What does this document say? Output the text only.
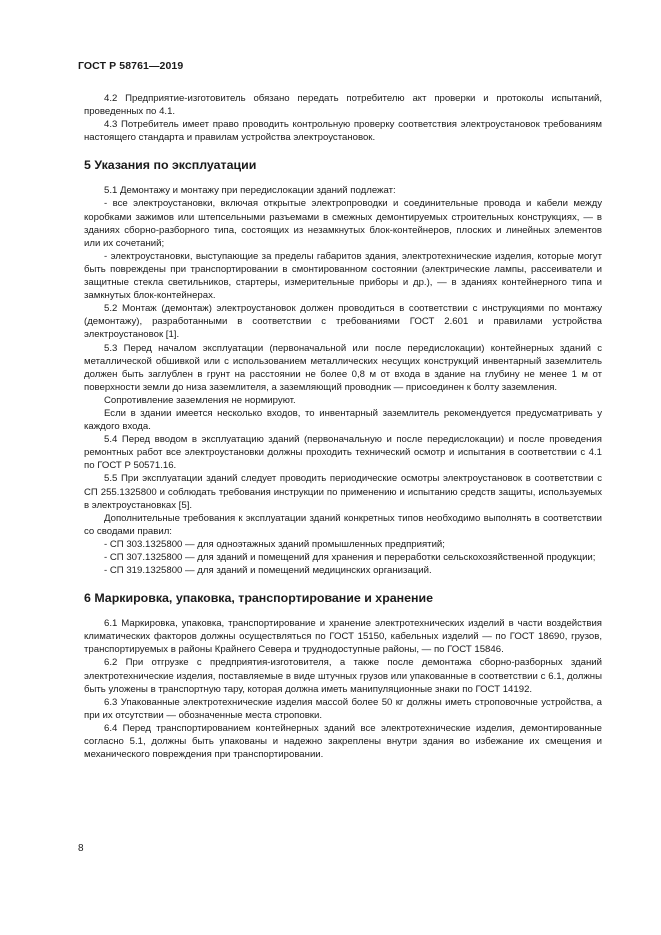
ГОСТ Р 58761—2019

4.2 Предприятие-изготовитель обязано передать потребителю акт проверки и протоколы испытаний, проведенных по 4.1.

4.3 Потребитель имеет право проводить контрольную проверку соответствия электроустановок требованиям настоящего стандарта и правилам устройства электроустановок.

5 Указания по эксплуатации

5.1 Демонтажу и монтажу при передислокации зданий подлежат:

- все электроустановки, включая открытые электропроводки и соединительные провода и кабели между коробками зажимов или штепсельными разъемами в смежных демонтируемых строительных конструкциях, — в зданиях сборно-разборного типа, состоящих из незамкнутых блок-контейнеров, плоских и линейных элементов или их сочетаний;

- электроустановки, выступающие за пределы габаритов здания, электротехнические изделия, которые могут быть повреждены при транспортировании в смонтированном состоянии (электрические лампы, рассеиватели и защитные стекла светильников, стартеры, измерительные приборы и др.), — в зданиях контейнерного типа и замкнутых блок-контейнерах.

5.2 Монтаж (демонтаж) электроустановок должен проводиться в соответствии с инструкциями по монтажу (демонтажу), разработанными в соответствии с требованиями ГОСТ 2.601 и правилами устройства электроустановок [1].

5.3 Перед началом эксплуатации (первоначальной или после передислокации) контейнерных зданий с металлической обшивкой или с использованием металлических несущих конструкций инвентарный заземлитель должен быть заглублен в грунт на расстоянии не более 0,8 м от входа в здание на глубину не менее 1 м от поверхности земли до низа заземлителя, а заземляющий проводник — присоединен к болту заземления.

Сопротивление заземления не нормируют.

Если в здании имеется несколько входов, то инвентарный заземлитель рекомендуется предусматривать у каждого входа.

5.4 Перед вводом в эксплуатацию зданий (первоначальную и после передислокации) и после проведения ремонтных работ все электроустановки должны проходить технический осмотр и испытания в соответствии с 4.1 по ГОСТ Р 50571.16.

5.5 При эксплуатации зданий следует проводить периодические осмотры электроустановок в соответствии с СП 255.1325800 и соблюдать требования инструкции по применению и испытанию средств защиты, используемых в электроустановках [5].

Дополнительные требования к эксплуатации зданий конкретных типов необходимо выполнять в соответствии со сводами правил:

- СП 303.1325800 — для одноэтажных зданий промышленных предприятий;

- СП 307.1325800 — для зданий и помещений для хранения и переработки сельскохозяйственной продукции;

- СП 319.1325800 — для зданий и помещений медицинских организаций.

6 Маркировка, упаковка, транспортирование и хранение

6.1 Маркировка, упаковка, транспортирование и хранение электротехнических изделий в части воздействия климатических факторов должны осуществляться по ГОСТ 15150, кабельных изделий — по ГОСТ 18690, грузов, транспортируемых в районы Крайнего Севера и труднодоступные районы, — по ГОСТ 15846.

6.2 При отгрузке с предприятия-изготовителя, а также после демонтажа сборно-разборных зданий электротехнические изделия, поставляемые в виде штучных грузов или упакованные в соответствии с 6.1, должны быть уложены в транспортную тару, которая должна иметь манипуляционные знаки по ГОСТ 14192.

6.3 Упакованные электротехнические изделия массой более 50 кг должны иметь строповочные устройства, а при их отсутствии — обозначенные места строповки.

6.4 Перед транспортированием контейнерных зданий все электротехнические изделия, демонтированные согласно 5.1, должны быть упакованы и надежно закреплены внутри здания во избежание их смещения и механического повреждения при транспортировании.

8
